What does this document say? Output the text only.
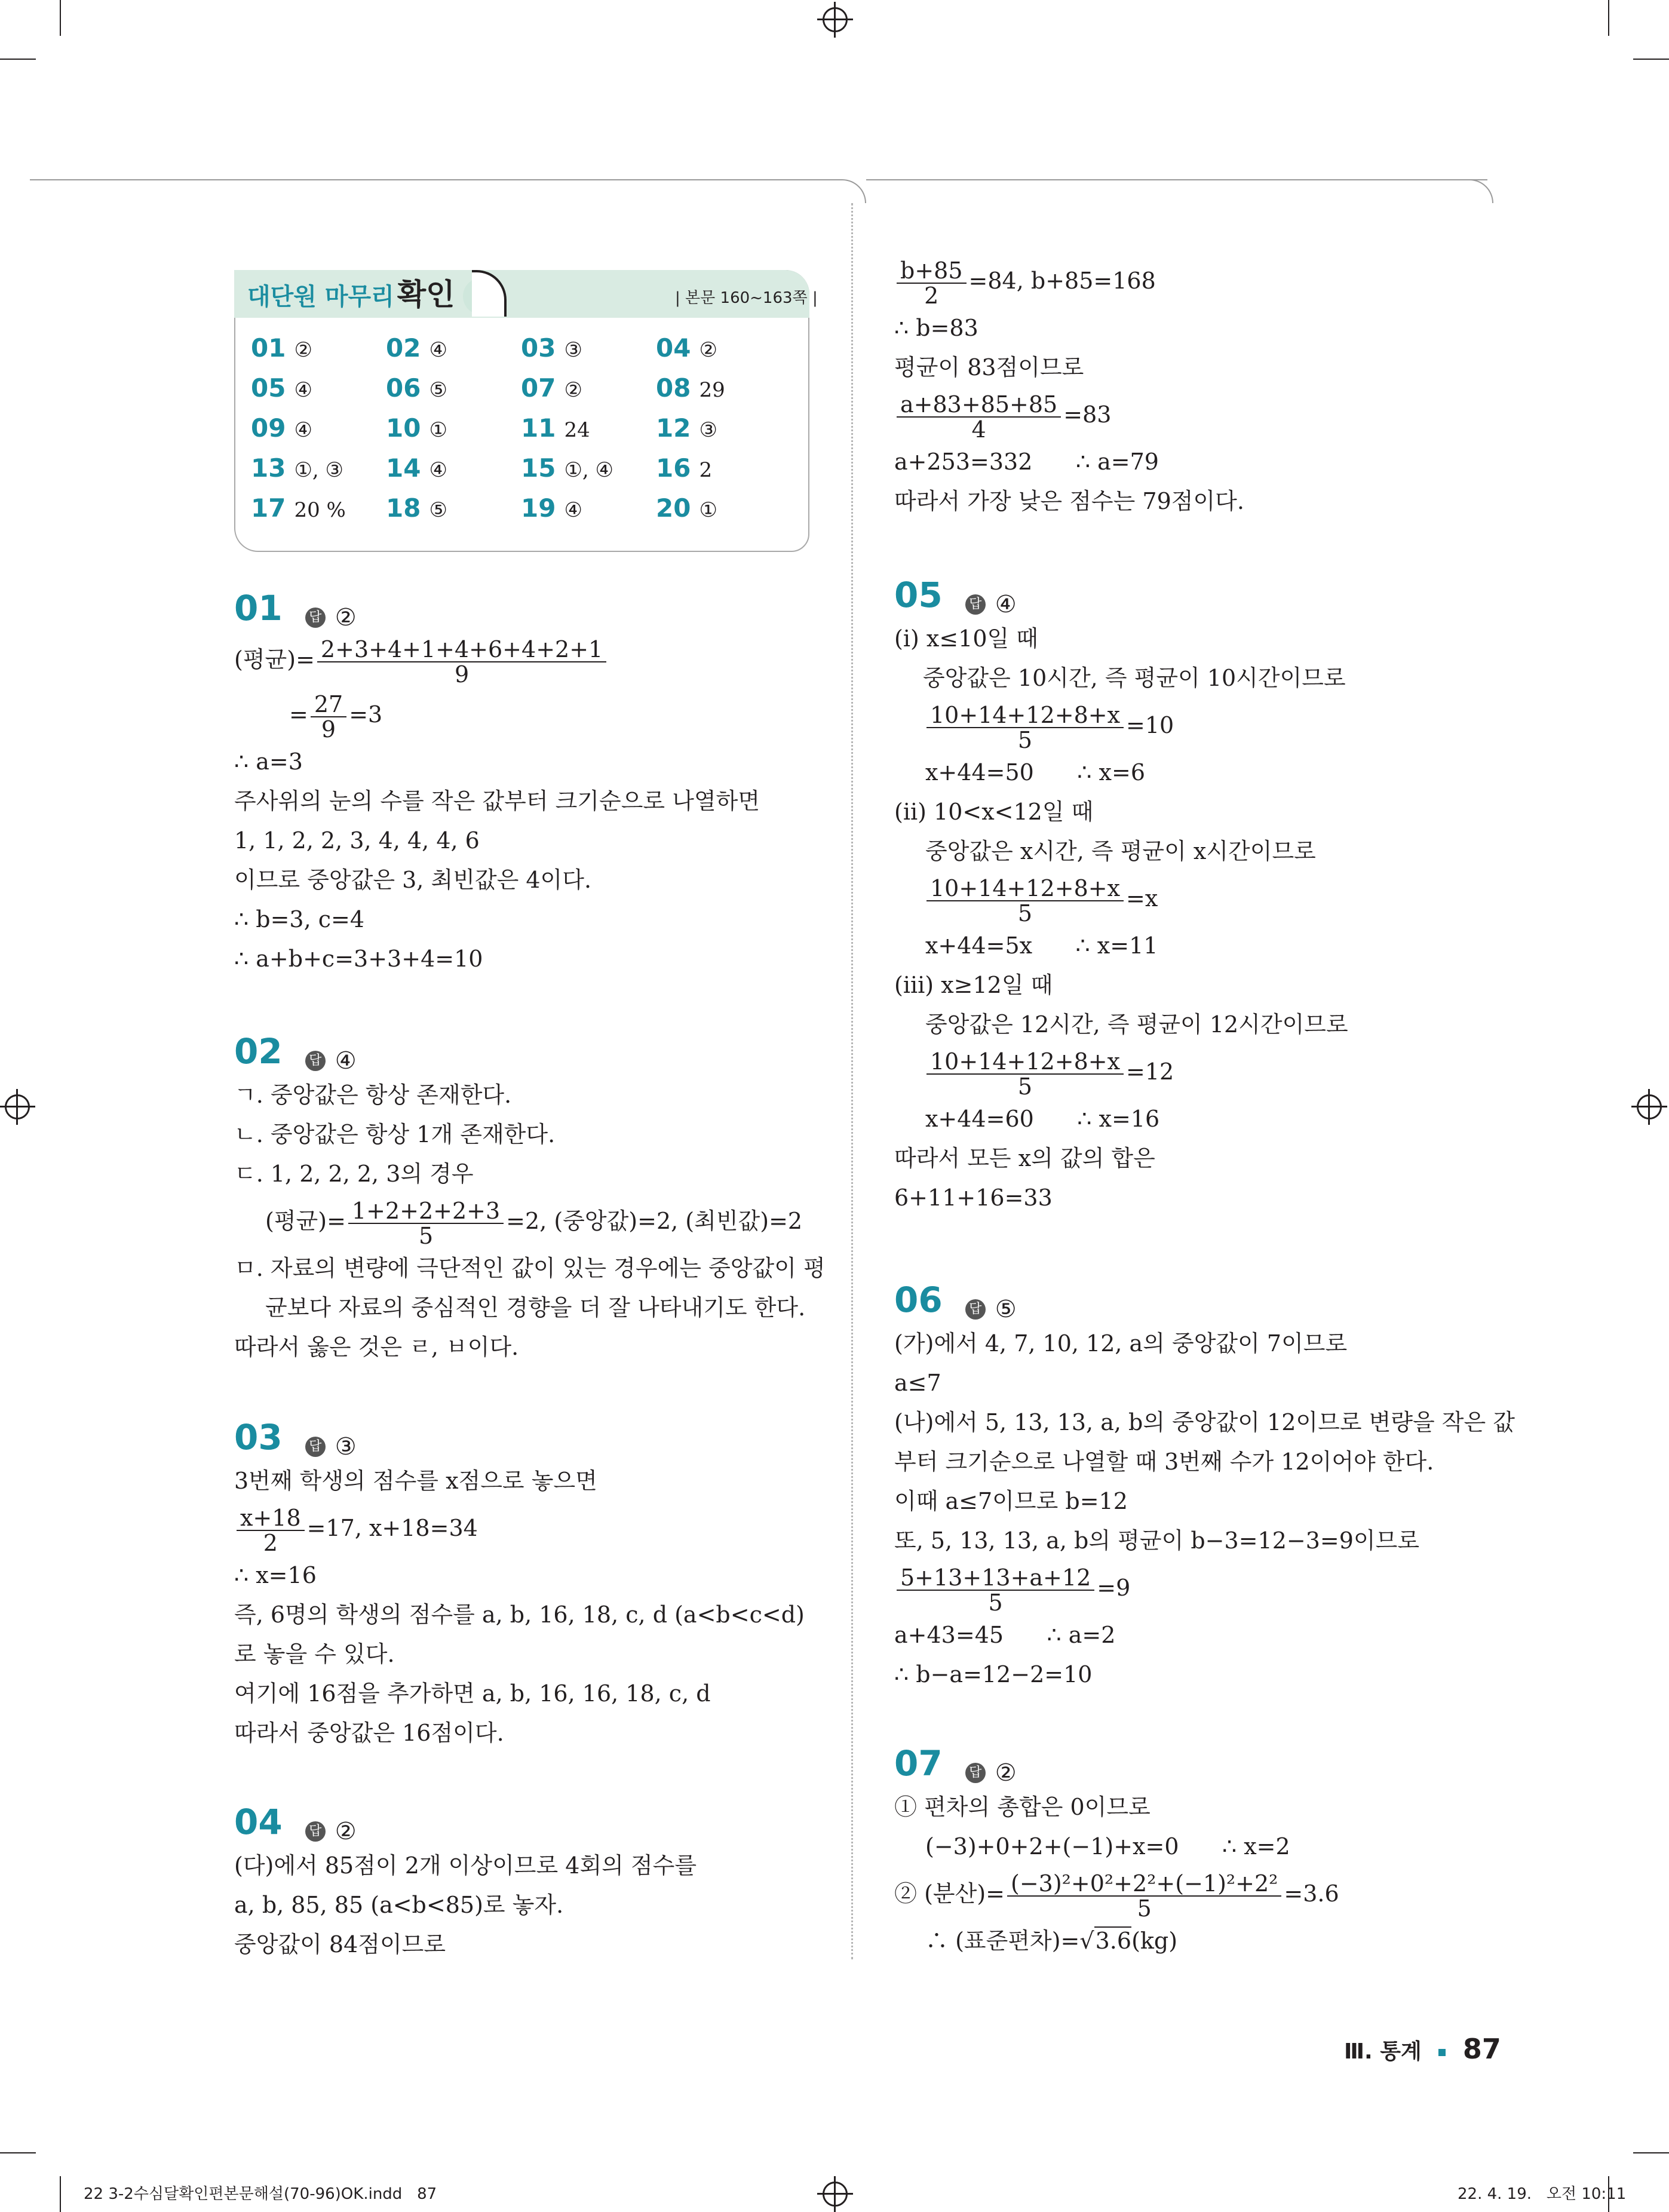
대단원 마무리 확인	| 본문 160~163쪽 |
01 ②	02 ④	03 ③	04 ②
05 ④	06 ⑤	07 ②	08 29
09 ④	10 ①	11 24	12 ③
13 ①, ③ 14 ④	15 ①, ④ 16 2
17 20 % 18 ⑤	19 ④	20 ①
01 답 ②
(평균)= $\frac{2+3+4+1+4+6+4+2+1}{9}$
= $\frac{27}{9} =3$
∴ a=3
주사위의 눈의 수를 작은 값부터 크기순으로 나열하면
1, 1, 2, 2, 3, 4, 4, 4, 6
이므로 중앙값은 3, 최빈값은 4이다.
∴ b=3, c=4
∴ a+b+c=3+3+4=10
02 답 ④
ㄱ. 중앙값은 항상 존재한다.
ㄴ. 중앙값은 항상 1개 존재한다.
ㄷ. 1, 2, 2, 2, 3의 경우
(평균)= $\frac{1+2+2+2+3}{5} =2$, (중앙값)=2, (최빈값)=2
ㅁ. 자료의 변량에 극단적인 값이 있는 경우에는 중앙값이 평
균보다 자료의 중심적인 경향을 더 잘 나타내기도 한다.
따라서 옳은 것은 ㄹ, ㅂ이다.
03 답 ③
3번째 학생의 점수를 x점으로 놓으면
$\frac{x+18}{2} =17$, x+18=34
∴ x=16
즉, 6명의 학생의 점수를 a, b, 16, 18, c, d (a<b<c<d)
로 놓을 수 있다.
여기에 16점을 추가하면 a, b, 16, 16, 18, c, d
따라서 중앙값은 16점이다.
04 답 ②
(다)에서 85점이 2개 이상이므로 4회의 점수를
a, b, 85, 85 (a<b<85)로 놓자.
중앙값이 84점이므로
$\frac{b+85}{2} =84$, b+85=168
∴ b=83
평균이 83점이므로
$\frac{a+83+85+85}{4} =83$
a+253=332      ∴ a=79
따라서 가장 낮은 점수는 79점이다.
05 답 ④
(ⅰ) x≤10일 때
중앙값은 10시간, 즉 평균이 10시간이므로
$\frac{10+14+12+8+x}{5} =10$
x+44=50      ∴ x=6
(ⅱ) 10<x<12일 때
중앙값은 x시간, 즉 평균이 x시간이므로
$\frac{10+14+12+8+x}{5} =x$
x+44=5x      ∴ x=11
(ⅲ) x≥12일 때
중앙값은 12시간, 즉 평균이 12시간이므로
$\frac{10+14+12+8+x}{5} =12$
x+44=60      ∴ x=16
따라서 모든 x의 값의 합은
6+11+16=33
06 답 ⑤
(가)에서 4, 7, 10, 12, a의 중앙값이 7이므로
a≤7
(나)에서 5, 13, 13, a, b의 중앙값이 12이므로 변량을 작은 값
부터 크기순으로 나열할 때 3번째 수가 12이어야 한다.
이때 a≤7이므로 b=12
또, 5, 13, 13, a, b의 평균이 b−3=12−3=9이므로
$\frac{5+13+13+a+12}{5} =9$
a+43=45      ∴ a=2
∴ b−a=12−2=10
07 답 ②
① 편차의 총합은 0이므로
(−3)+0+2+(−1)+x=0      ∴ x=2
② (분산)= $\frac{\text{(−3)²+0²+2²+(−1)²+2²}}{5} =3.6$
∴ (표준편차)=√3.6(kg)
Ⅲ. 통계 87
22 3-2수심달확인편본문해설(70-96)OK.indd   87	22. 4. 19.   오전 10:11
